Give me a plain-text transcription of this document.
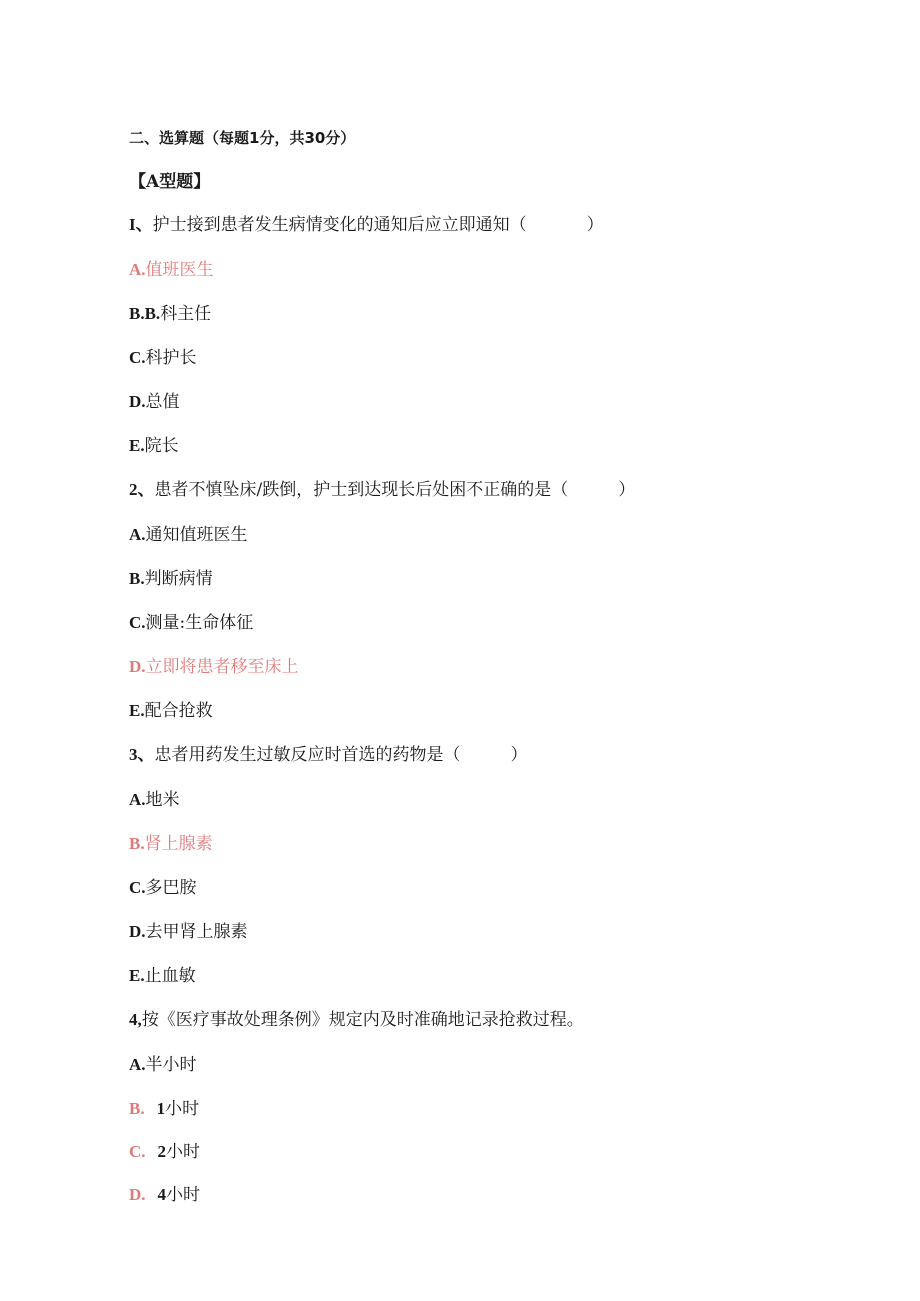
二、选算题（每题1分，共30分）
【A型题】
I、护士接到患者发生病情变化的通知后应立即通知（	）
A.值班医生
B.B.科主任
C.科护长
D.总值
E.院长
2、患者不慎坠床/跌倒，护士到达现长后处困不正确的是（	）
A.通知值班医生
B.判断病情
C.测量:生命体征
D.立即将患者移至床上
E.配合抢救
3、忠者用药发生过敏反应时首选的药物是（	）
A.地米
B.肾上腺素
C.多巴胺
D.去甲肾上腺素
E.止血敏
4,按《医疗事故处理条例》规定内及时准确地记录抢救过程。
A.半小时
B. 1小时
C. 2小时
D. 4小时
